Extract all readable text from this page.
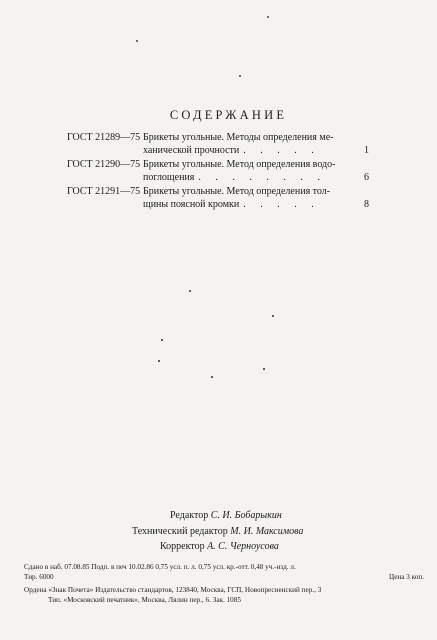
СОДЕРЖАНИЕ
ГОСТ 21289—75 Брикеты угольные. Методы определения ме-
ханической прочности . . . . .	1
ГОСТ 21290—75 Брикеты угольные. Метод определения водо-
поглощения . . . . . . . .	6
ГОСТ 21291—75 Брикеты угольные. Метод определения тол-
щины поясной кромки . . . . .	8
Редактор С. И. Бобарыкин
Технический редактор М. И. Максимова
Корректор А. С. Черноусова
Сдано в наб. 07.08.85 Подп. в печ 10.02.86 0,75 усл. п. л. 0,75 усл. кр.-отт. 0,48 уч.-изд. л.
Тир. 6000	Цена 3 коп.
Ордена «Знак Почета» Издательство стандартов, 123840, Москва, ГСП, Новопресненский пер., 3
Тип. «Московский печатник», Москва, Лялин пер., 6. Зак. 1085
